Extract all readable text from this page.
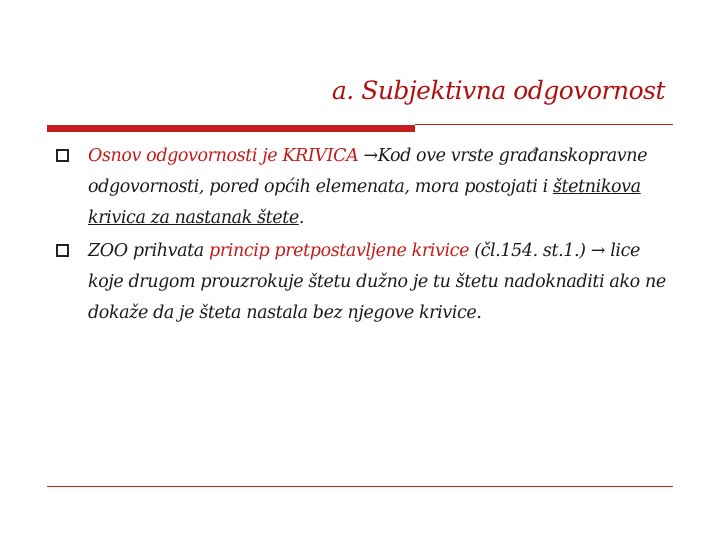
a. Subjektivna odgovornost
Osnov odgovornosti je KRIVICA →Kod ove vrste građanskopravne odgovornosti, pored općih elemenata, mora postojati i štetnikova krivica za nastanak štete.
ZOO prihvata princip pretpostavljene krivice (čl.154. st.1.) → lice koje drugom prouzrokuje štetu dužno je tu štetu nadoknaditi ako ne dokaže da je šteta nastala bez njegove krivice.
